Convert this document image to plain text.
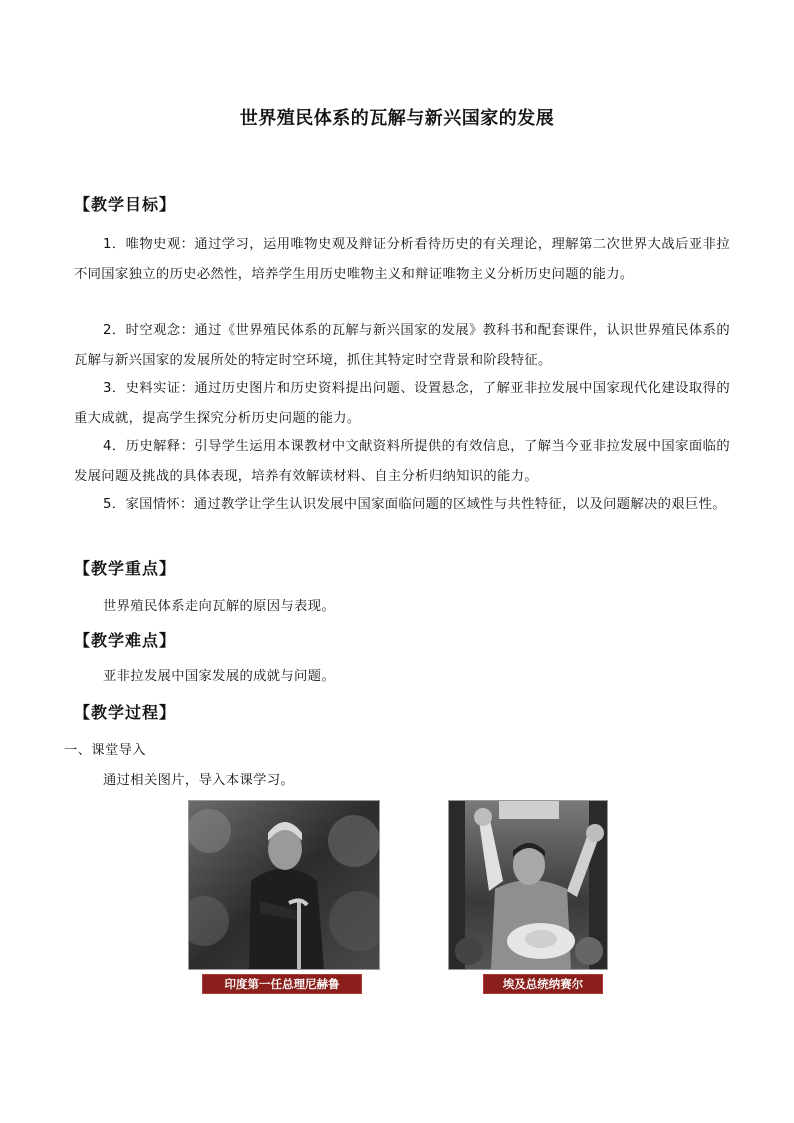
世界殖民体系的瓦解与新兴国家的发展
【教学目标】
1．唯物史观：通过学习，运用唯物史观及辩证分析看待历史的有关理论，理解第二次世界大战后亚非拉不同国家独立的历史必然性，培养学生用历史唯物主义和辩证唯物主义分析历史问题的能力。
2．时空观念：通过《世界殖民体系的瓦解与新兴国家的发展》教科书和配套课件，认识世界殖民体系的瓦解与新兴国家的发展所处的特定时空环境，抓住其特定时空背景和阶段特征。
3．史料实证：通过历史图片和历史资料提出问题、设置悬念，了解亚非拉发展中国家现代化建设取得的重大成就，提高学生探究分析历史问题的能力。
4．历史解释：引导学生运用本课教材中文献资料所提供的有效信息，了解当今亚非拉发展中国家面临的发展问题及挑战的具体表现，培养有效解读材料、自主分析归纳知识的能力。
5．家国情怀：通过教学让学生认识发展中国家面临问题的区域性与共性特征，以及问题解决的艰巨性。
【教学重点】
世界殖民体系走向瓦解的原因与表现。
【教学难点】
亚非拉发展中国家发展的成就与问题。
【教学过程】
一、课堂导入
通过相关图片，导入本课学习。
印度第一任总理尼赫鲁	埃及总统纳赛尔
